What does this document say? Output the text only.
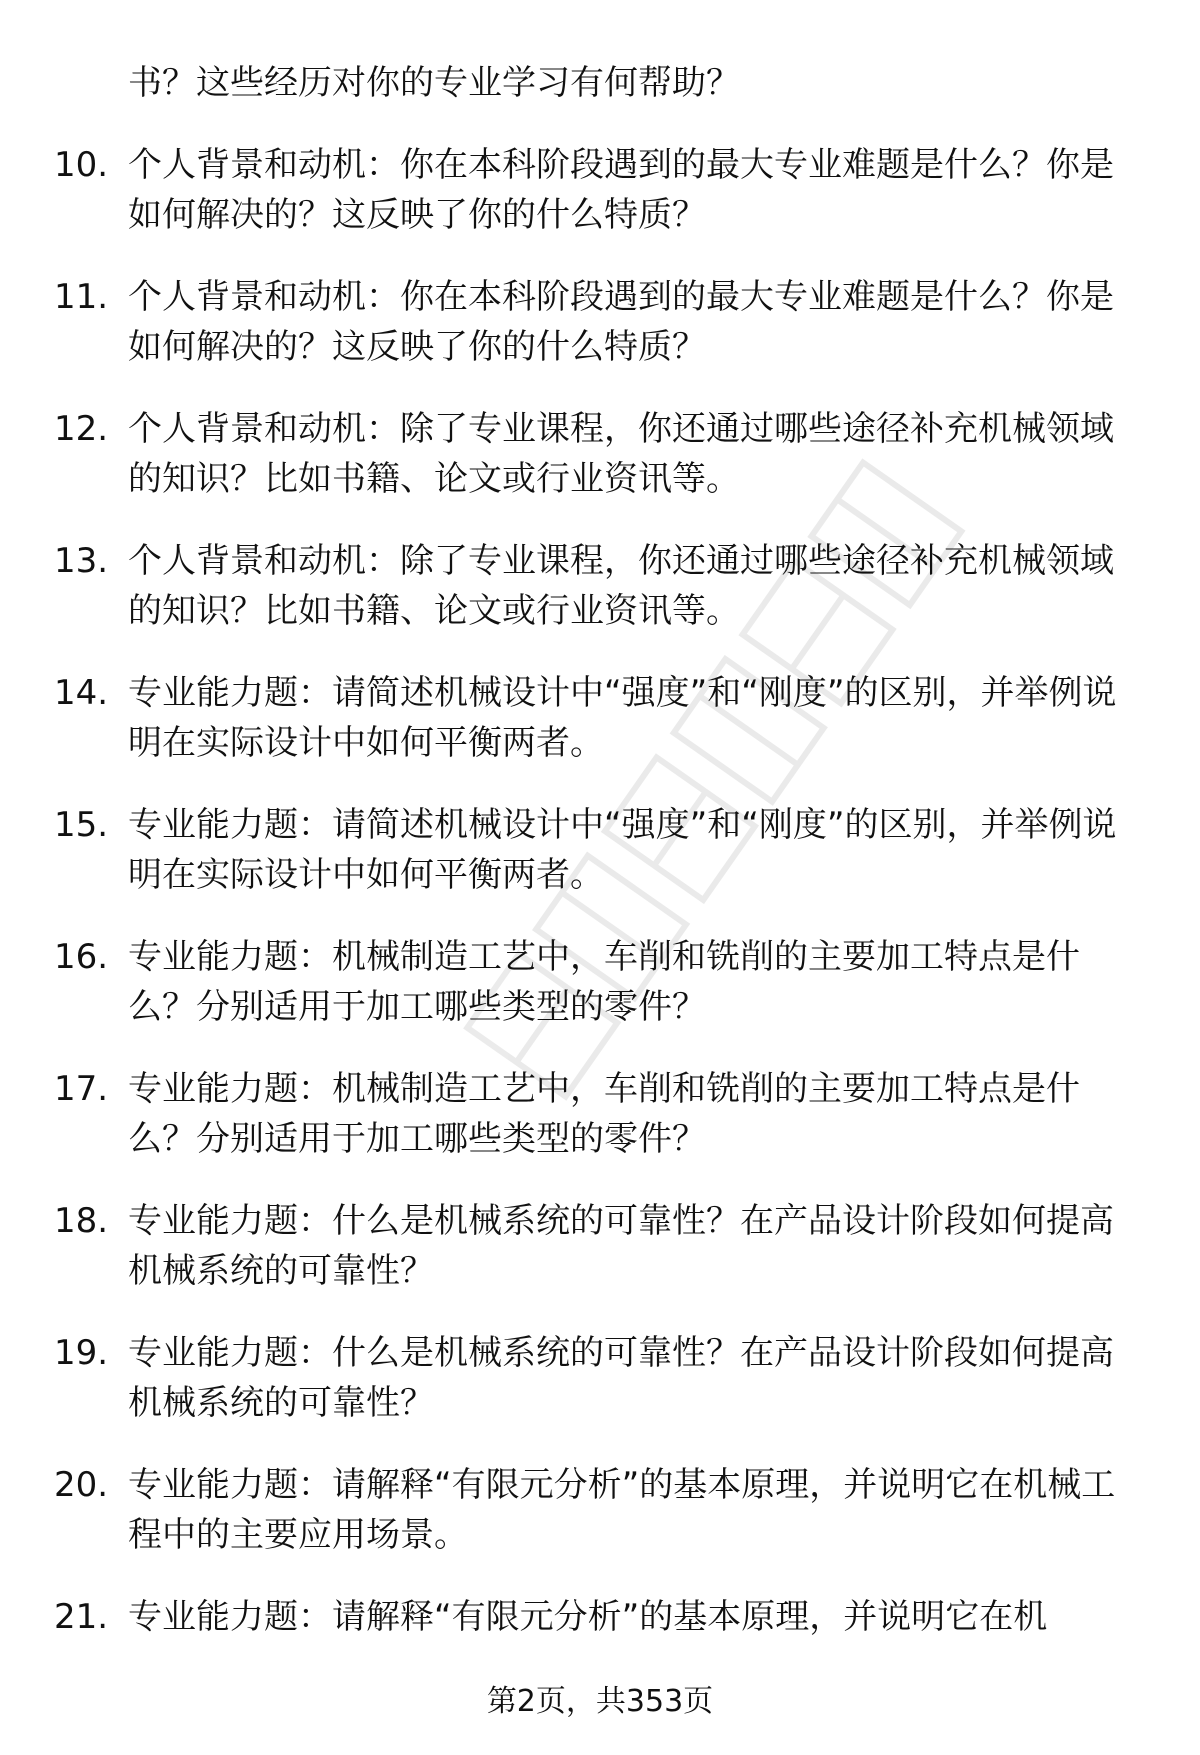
书？这些经历对你的专业学习有何帮助？

10. 个人背景和动机：你在本科阶段遇到的最大专业难题是什么？你是如何解决的？这反映了你的什么特质？

11. 个人背景和动机：你在本科阶段遇到的最大专业难题是什么？你是如何解决的？这反映了你的什么特质？

12. 个人背景和动机：除了专业课程，你还通过哪些途径补充机械领域的知识？比如书籍、论文或行业资讯等。

13. 个人背景和动机：除了专业课程，你还通过哪些途径补充机械领域的知识？比如书籍、论文或行业资讯等。

14. 专业能力题：请简述机械设计中“强度”和“刚度”的区别，并举例说明在实际设计中如何平衡两者。

15. 专业能力题：请简述机械设计中“强度”和“刚度”的区别，并举例说明在实际设计中如何平衡两者。

16. 专业能力题：机械制造工艺中，车削和铣削的主要加工特点是什么？分别适用于加工哪些类型的零件？

17. 专业能力题：机械制造工艺中，车削和铣削的主要加工特点是什么？分别适用于加工哪些类型的零件？

18. 专业能力题：什么是机械系统的可靠性？在产品设计阶段如何提高机械系统的可靠性？

19. 专业能力题：什么是机械系统的可靠性？在产品设计阶段如何提高机械系统的可靠性？

20. 专业能力题：请解释“有限元分析”的基本原理，并说明它在机械工程中的主要应用场景。

21. 专业能力题：请解释“有限元分析”的基本原理，并说明它在机

第2页，共353页
